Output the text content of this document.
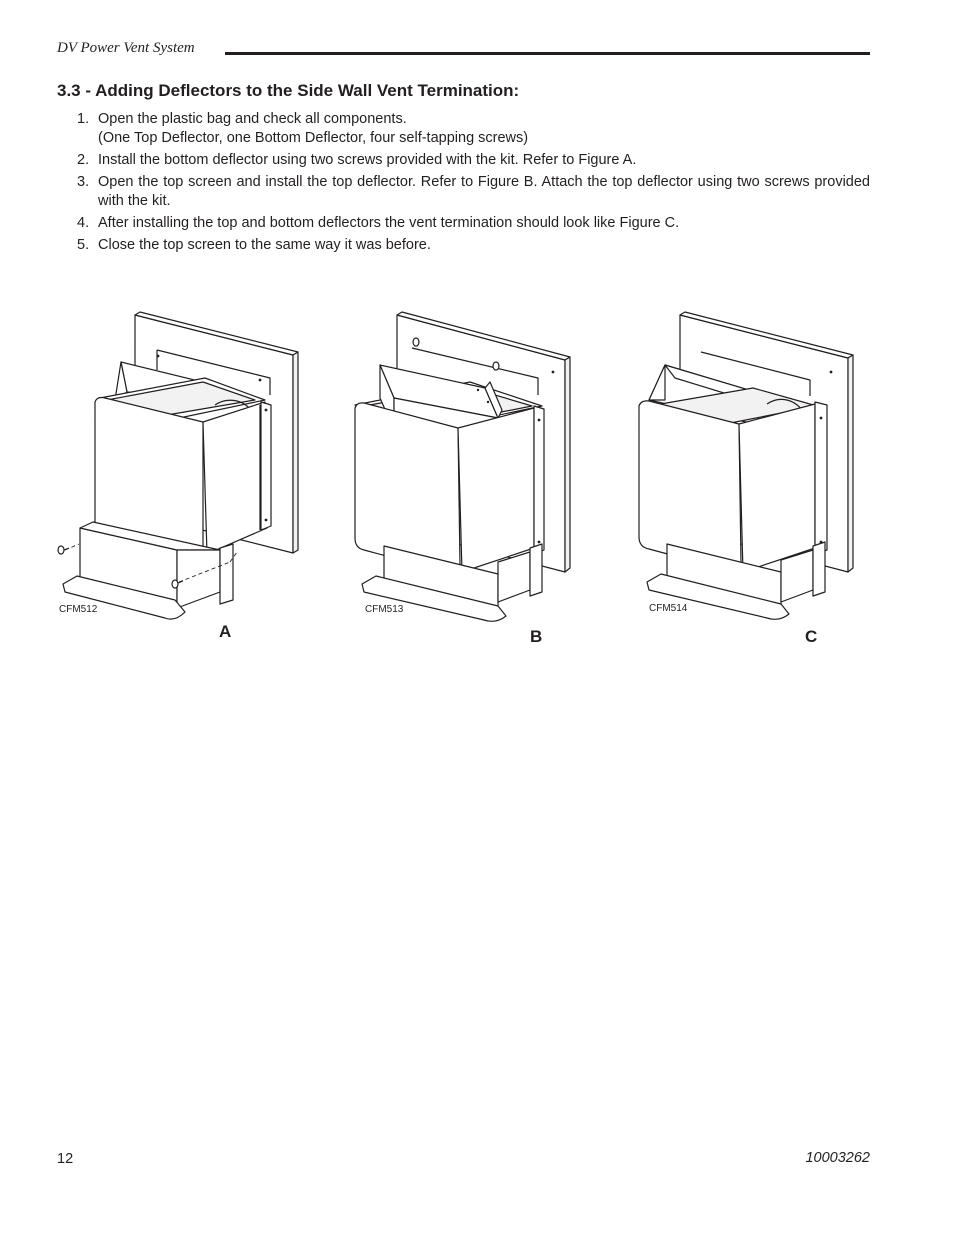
DV Power Vent System
3.3 - Adding Deflectors to the Side Wall Vent Termination:
1. Open the plastic bag and check all components.
(One Top Deflector, one Bottom Deflector, four self-tapping screws)
2. Install the bottom deflector using two screws provided with the kit. Refer to Figure A.
3. Open the top screen and install the top deflector. Refer to Figure B. Attach the top deflector using two screws provided with the kit.
4. After installing the top and bottom deflectors the vent termination should look like Figure C.
5. Close the top screen to the same way it was before.
CFM512
A
CFM513
B
CFM514
C
12	10003262
